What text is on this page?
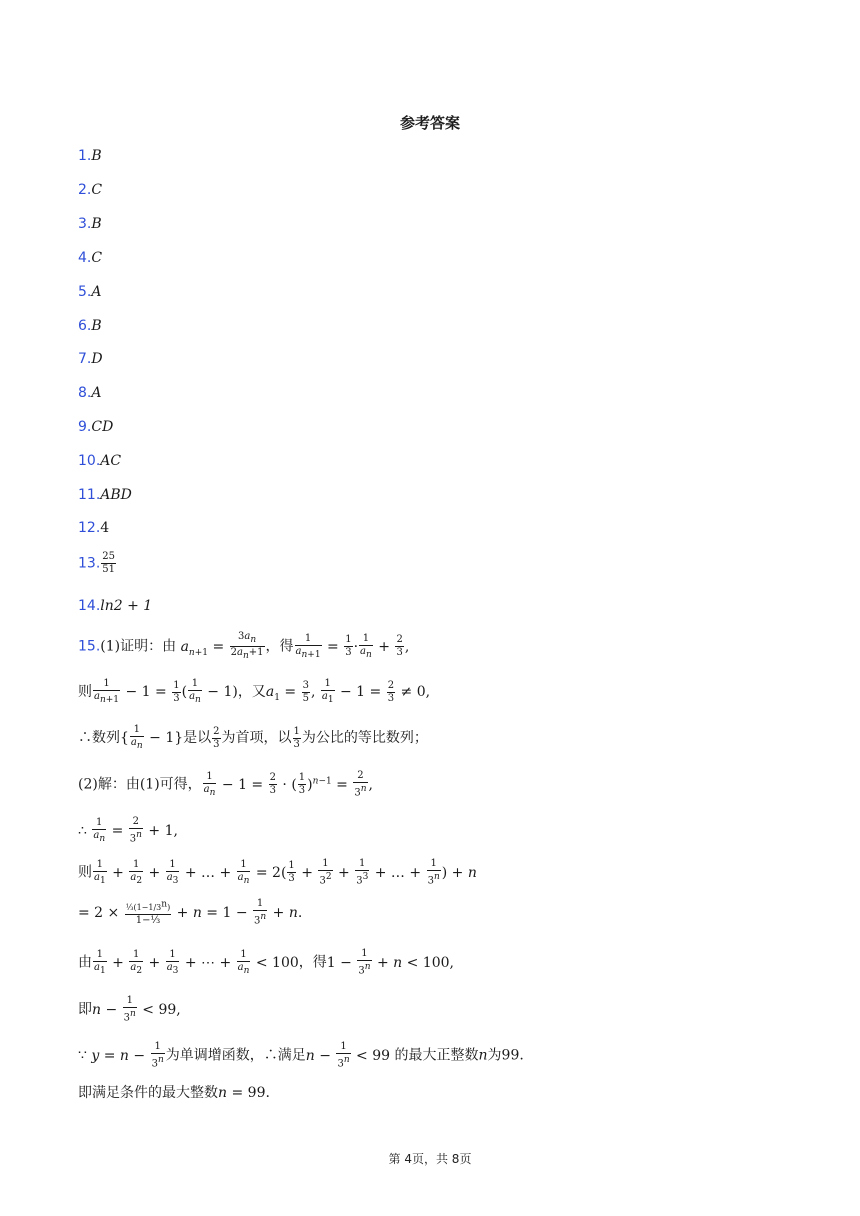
参考答案
1.B
2.C
3.B
4.C
5.A
6.B
7.D
8.A
9.CD
10.AC
11.ABD
12.4
13. $\frac{25}{51}$
14.ln2 + 1
15.(1)证明：由 $a_{n+1} = \frac{3a_n}{2a_n+1}$ ，得 $\frac{1}{a_{n+1}} = \frac{1}{3} \cdot \frac{1}{a_n} + \frac{2}{3}$ ,
则 $\frac{1}{a_{n+1}} - 1 = \frac{1}{3}$ ( $\frac{1}{a_n} - 1$)，又$a_1 = \frac{3}{5}$ , $\frac{1}{a_1} - 1 = \frac{2}{3} \ne 0$,
∴数列{ $\frac{1}{a_n} - 1$}是以 $\frac{2}{3}$ 为首项，以 $\frac{1}{3}$ 为公比的等比数列；
(2)解：由(1)可得， $\frac{1}{a_n} - 1 = \frac{2}{3}$ · ( $\frac{1}{3} )^{n-1} = \frac{2}{3^n}$ ,
∴ $\frac{1}{a_n} = \frac{2}{3^n} + 1$,
则 $\frac{1}{a_1} + \frac{1}{a_2} + \frac{1}{a_3}$ + … + $\frac{1}{a_n} = 2( \frac{1}{3} + \frac{1}{3^2} + \frac{1}{3^3}$ + … + $\frac{1}{3^n}$ ) + n
= $2 \times \frac{\frac{1}{3}(1-1/3^n)}{\text{1−⅓}} + n = 1 - \frac{1}{3^n} + n$.
由 $\frac{1}{a_1} + \frac{1}{a_2} + \frac{1}{a_3}$ + ⋯ + $\frac{1}{a_n} < 100$，得$1 - \frac{1}{3^n} + n < 100$,
即$n - \frac{1}{3^n} < 99$,
∵ $y = n - \frac{1}{3^n}$ 为单调增函数，∴满足$n - \frac{1}{3^n} < 99$ 的最大正整数n为99.
即满足条件的最大整数n = 99.
第 4页，共 8页
